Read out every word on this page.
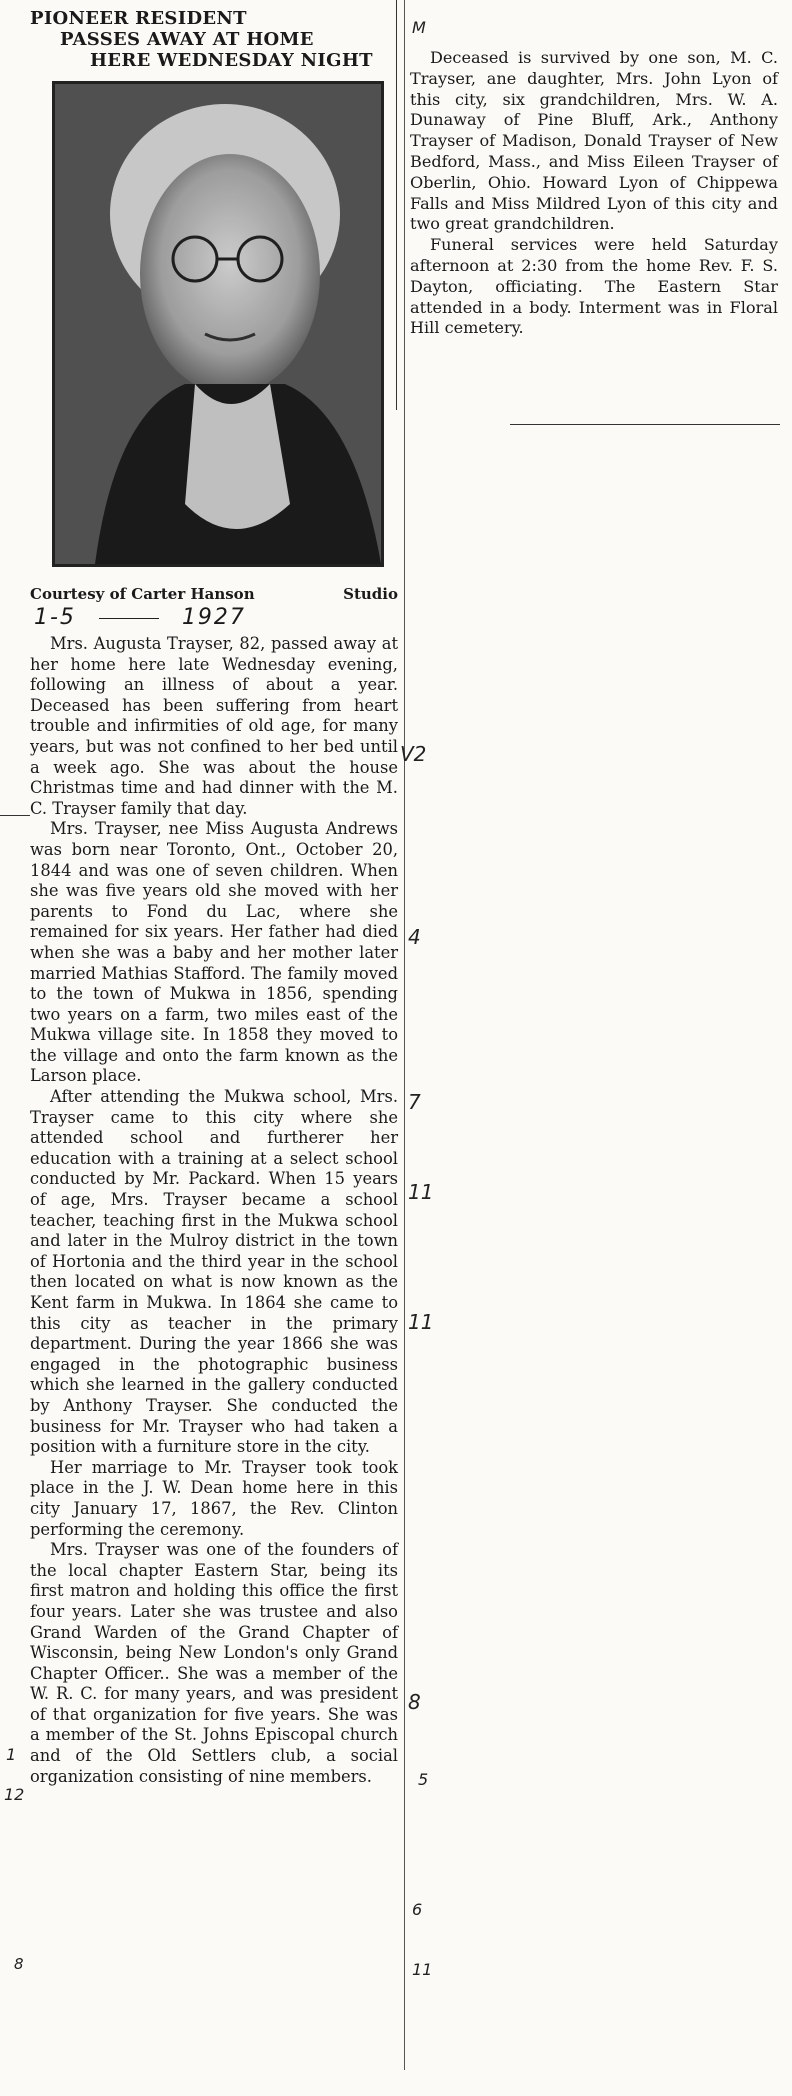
PIONEER RESIDENT
PASSES AWAY AT HOME
HERE WEDNESDAY NIGHT
Courtesy of Carter Hanson	Studio
1-5	1927

Mrs. Augusta Trayser, 82, passed away at her home here late Wednesday evening, following an illness of about a year. Deceased has been suffering from heart trouble and infirmities of old age, for many years, but was not confined to her bed until a week ago. She was about the house Christmas time and had dinner with the M. C. Trayser family that day.

Mrs. Trayser, nee Miss Augusta Andrews was born near Toronto, Ont., October 20, 1844 and was one of seven children. When she was five years old she moved with her parents to Fond du Lac, where she remained for six years. Her father had died when she was a baby and her mother later married Mathias Stafford. The family moved to the town of Mukwa in 1856, spending two years on a farm, two miles east of the Mukwa village site. In 1858 they moved to the village and onto the farm known as the Larson place.

After attending the Mukwa school, Mrs. Trayser came to this city where she attended school and furtherer her education with a training at a select school conducted by Mr. Packard. When 15 years of age, Mrs. Trayser became a school teacher, teaching first in the Mukwa school and later in the Mulroy district in the town of Hortonia and the third year in the school then located on what is now known as the Kent farm in Mukwa. In 1864 she came to this city as teacher in the primary department. During the year 1866 she was engaged in the photographic business which she learned in the gallery conducted by Anthony Trayser. She conducted the business for Mr. Trayser who had taken a position with a furniture store in the city.

Her marriage to Mr. Trayser took took place in the J. W. Dean home here in this city January 17, 1867, the Rev. Clinton performing the ceremony.

Mrs. Trayser was one of the founders of the local chapter Eastern Star, being its first matron and holding this office the first four years. Later she was trustee and also Grand Warden of the Grand Chapter of Wisconsin, being New London's only Grand Chapter Officer.. She was a member of the W. R. C. for many years, and was president of that organization for five years. She was a member of the St. Johns Episcopal church and of the Old Settlers club, a social organization consisting of nine members.

Deceased is survived by one son, M. C. Trayser, ane daughter, Mrs. John Lyon of this city, six grandchildren, Mrs. W. A. Dunaway of Pine Bluff, Ark., Anthony Trayser of Madison, Donald Trayser of New Bedford, Mass., and Miss Eileen Trayser of Oberlin, Ohio. Howard Lyon of Chippewa Falls and Miss Mildred Lyon of this city and two great grandchildren.

Funeral services were held Saturday afternoon at 2:30 from the home Rev. F. S. Dayton, officiating. The Eastern Star attended in a body. Interment was in Floral Hill cemetery.

M
V2
4
7
11
11
8
5
6
1
12
11
8
